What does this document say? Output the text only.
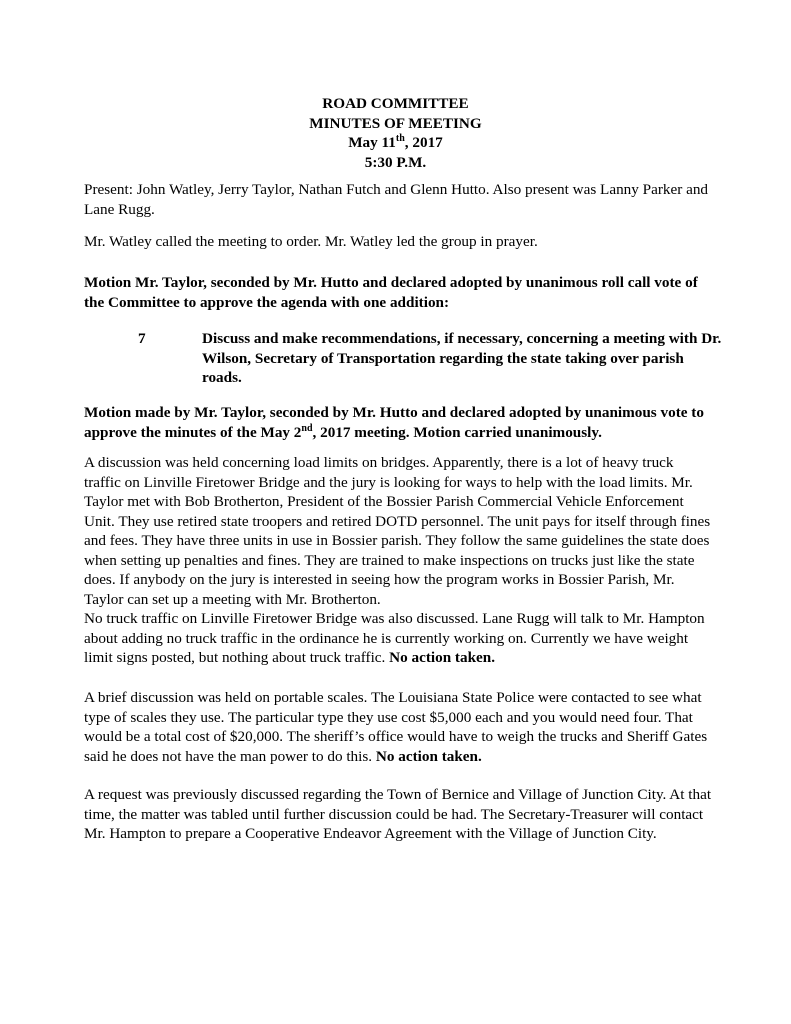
ROAD COMMITTEE
MINUTES OF MEETING
May 11th, 2017
5:30 P.M.

Present: John Watley, Jerry Taylor, Nathan Futch and Glenn Hutto. Also present was Lanny Parker and Lane Rugg.

Mr. Watley called the meeting to order. Mr. Watley led the group in prayer.

Motion Mr. Taylor, seconded by Mr. Hutto and declared adopted by unanimous roll call vote of the Committee to approve the agenda with one addition:

7	Discuss and make recommendations, if necessary, concerning a meeting with Dr. Wilson, Secretary of Transportation regarding the state taking over parish roads.

Motion made by Mr. Taylor, seconded by Mr. Hutto and declared adopted by unanimous vote to approve the minutes of the May 2nd, 2017 meeting. Motion carried unanimously.

A discussion was held concerning load limits on bridges. Apparently, there is a lot of heavy truck traffic on Linville Firetower Bridge and the jury is looking for ways to help with the load limits. Mr. Taylor met with Bob Brotherton, President of the Bossier Parish Commercial Vehicle Enforcement Unit. They use retired state troopers and retired DOTD personnel. The unit pays for itself through fines and fees. They have three units in use in Bossier parish. They follow the same guidelines the state does when setting up penalties and fines. They are trained to make inspections on trucks just like the state does. If anybody on the jury is interested in seeing how the program works in Bossier Parish, Mr. Taylor can set up a meeting with Mr. Brotherton.

No truck traffic on Linville Firetower Bridge was also discussed. Lane Rugg will talk to Mr. Hampton about adding no truck traffic in the ordinance he is currently working on. Currently we have weight limit signs posted, but nothing about truck traffic. No action taken.

A brief discussion was held on portable scales. The Louisiana State Police were contacted to see what type of scales they use. The particular type they use cost $5,000 each and you would need four. That would be a total cost of $20,000. The sheriff’s office would have to weigh the trucks and Sheriff Gates said he does not have the man power to do this. No action taken.

A request was previously discussed regarding the Town of Bernice and Village of Junction City. At that time, the matter was tabled until further discussion could be had. The Secretary-Treasurer will contact Mr. Hampton to prepare a Cooperative Endeavor Agreement with the Village of Junction City.
